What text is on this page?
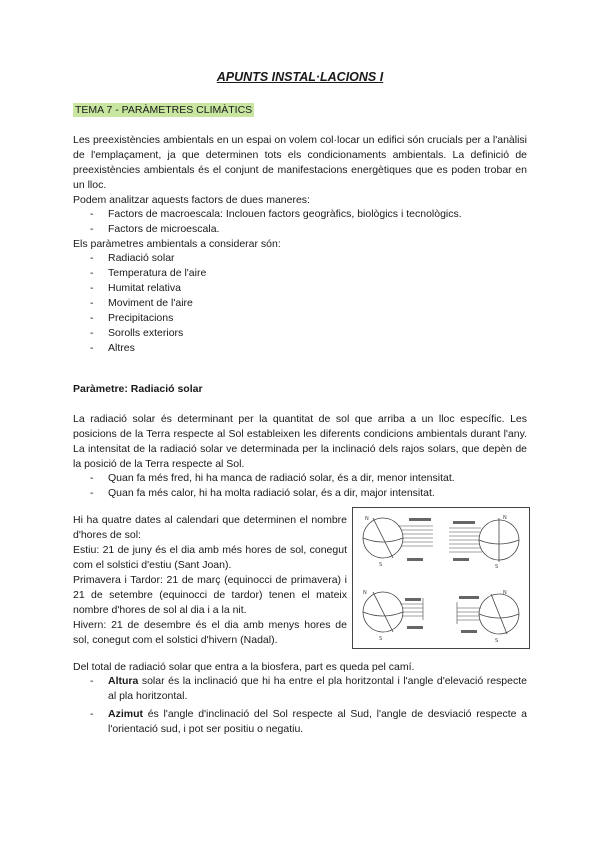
APUNTS INSTAL·LACIONS I
TEMA 7 - PARÀMETRES CLIMÀTICS
Les preexistències ambientals en un espai on volem col·locar un edifici són crucials per a l'anàlisi de l'emplaçament, ja que determinen tots els condicionaments ambientals. La definició de preexistències ambientals és el conjunt de manifestacions energètiques que es poden trobar en un lloc.
Podem analitzar aquests factors de dues maneres:
- Factors de macroescala: Inclouen factors geogràfics, biològics i tecnològics.
- Factors de microescala.
Els paràmetres ambientals a considerar són:
- Radiació solar
- Temperatura de l'aire
- Humitat relativa
- Moviment de l'aire
- Precipitacions
- Sorolls exteriors
- Altres
Paràmetre: Radiació solar
La radiació solar és determinant per la quantitat de sol que arriba a un lloc específic. Les posicions de la Terra respecte al Sol estableixen les diferents condicions ambientals durant l'any. La intensitat de la radiació solar ve determinada per la inclinació dels rajos solars, que depèn de la posició de la Terra respecte al Sol.
- Quan fa més fred, hi ha manca de radiació solar, és a dir, menor intensitat.
- Quan fa més calor, hi ha molta radiació solar, és a dir, major intensitat.
Hi ha quatre dates al calendari que determinen el nombre d'hores de sol:
Estiu: 21 de juny és el dia amb més hores de sol, conegut com el solstici d'estiu (Sant Joan).
Primavera i Tardor: 21 de març (equinocci de primavera) i 21 de setembre (equinocci de tardor) tenen el mateix nombre d'hores de sol al dia i a la nit.
Hivern: 21 de desembre és el dia amb menys hores de sol, conegut com el solstici d'hivern (Nadal).
N
S
N
S
N
S
N
S
Del total de radiació solar que entra a la biosfera, part es queda pel camí.
- Altura solar és la inclinació que hi ha entre el pla horitzontal i l'angle d'elevació respecte al pla horitzontal.
- Azimut és l'angle d'inclinació del Sol respecte al Sud, l'angle de desviació respecte a l'orientació sud, i pot ser positiu o negatiu.
